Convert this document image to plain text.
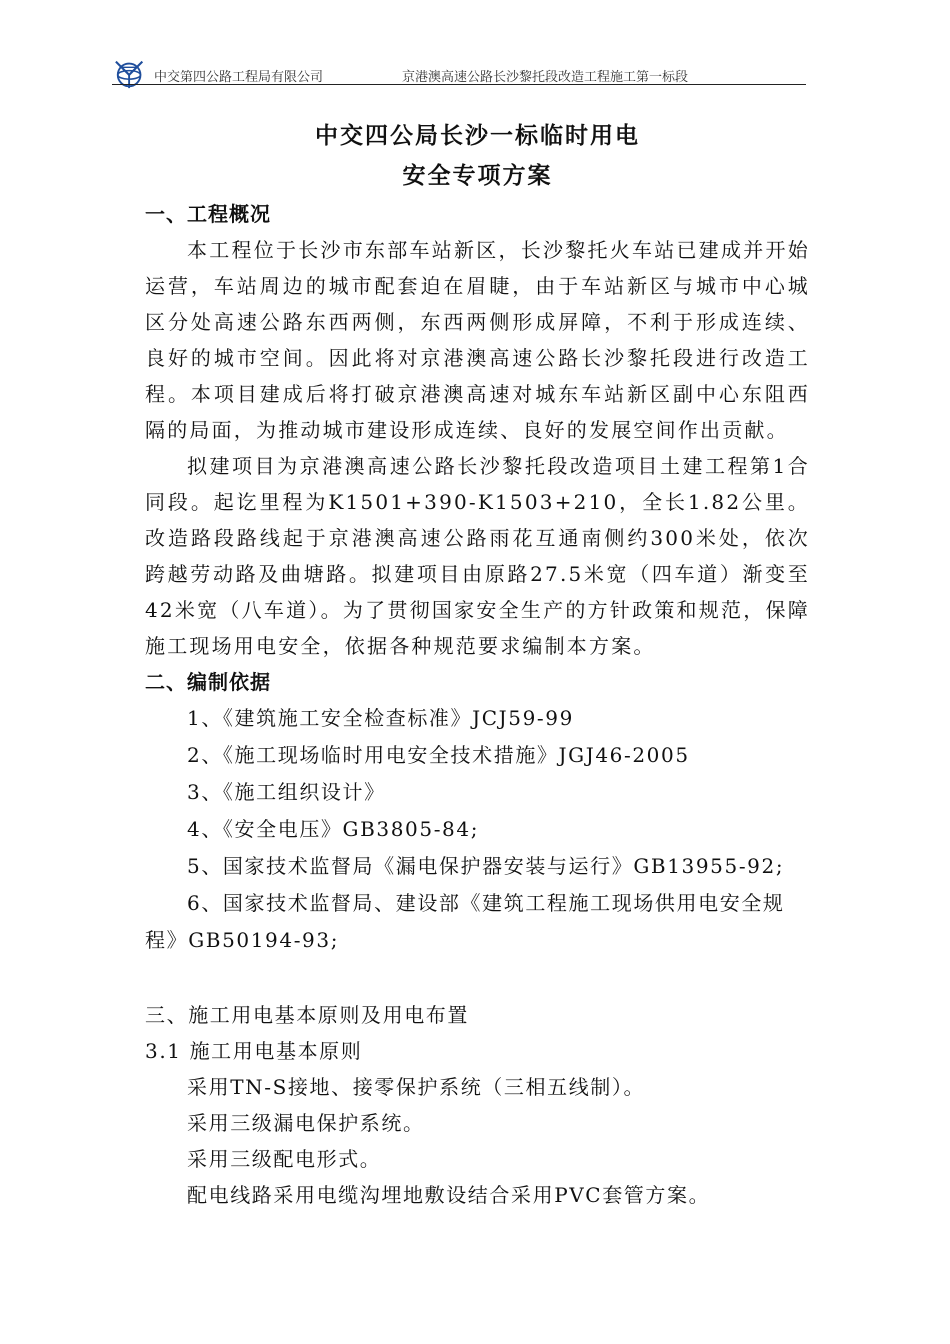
中交第四公路工程局有限公司	京港澳高速公路长沙黎托段改造工程施工第一标段
中交四公局长沙一标临时用电
安全专项方案
一、工程概况

本工程位于长沙市东部车站新区，长沙黎托火车站已建成并开始运营，车站周边的城市配套迫在眉睫，由于车站新区与城市中心城区分处高速公路东西两侧，东西两侧形成屏障，不利于形成连续、良好的城市空间。因此将对京港澳高速公路长沙黎托段进行改造工程。本项目建成后将打破京港澳高速对城东车站新区副中心东阻西隔的局面，为推动城市建设形成连续、良好的发展空间作出贡献。

拟建项目为京港澳高速公路长沙黎托段改造项目土建工程第1合同段。起讫里程为K1501+390-K1503+210，全长1.82公里。改造路段路线起于京港澳高速公路雨花互通南侧约300米处，依次跨越劳动路及曲塘路。拟建项目由原路27.5米宽（四车道）渐变至42米宽（八车道）。为了贯彻国家安全生产的方针政策和规范，保障施工现场用电安全，依据各种规范要求编制本方案。

二、编制依据

1、《建筑施工安全检查标准》JCJ59-99

2、《施工现场临时用电安全技术措施》JGJ46-2005

3、《施工组织设计》

4、《安全电压》GB3805-84;

5、国家技术监督局《漏电保护器安装与运行》GB13955-92;

6、国家技术监督局、建设部《建筑工程施工现场供用电安全规程》GB50194-93;

三、施工用电基本原则及用电布置

3.1 施工用电基本原则

采用TN-S接地、接零保护系统（三相五线制）。

采用三级漏电保护系统。

采用三级配电形式。

配电线路采用电缆沟埋地敷设结合采用PVC套管方案。
